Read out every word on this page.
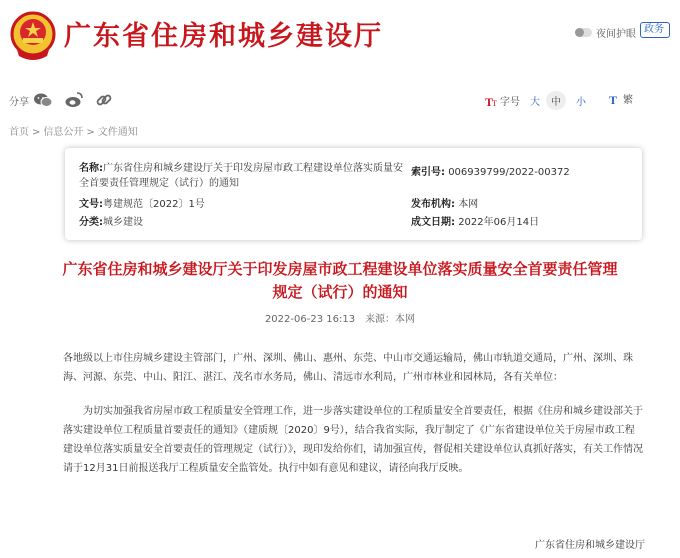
广东省住房和城乡建设厅	夜间护眼 政务
分享	T
T 字号 大	中	小 T 繁
首页 > 信息公开 > 文件通知
名称:广东省住房和城乡建设厅关于印发房屋市政工程建设单位落实质量安全首要责任管理规定（试行）的通知
文号:粤建规范〔2022〕1号
分类:城乡建设
索引号: 006939799/2022-00372
发布机构: 本网
成文日期: 2022年06月14日
广东省住房和城乡建设厅关于印发房屋市政工程建设单位落实质量安全首要责任管理规定（试行）的通知
2022-06-23 16:13 来源：本网

各地级以上市住房城乡建设主管部门，广州、深圳、佛山、惠州、东莞、中山市交通运输局，佛山市轨道交通局，广州、深圳、珠海、河源、东莞、中山、阳江、湛江、茂名市水务局，佛山、清远市水利局，广州市林业和园林局，各有关单位：

为切实加强我省房屋市政工程质量安全管理工作，进一步落实建设单位的工程质量安全首要责任，根据《住房和城乡建设部关于落实建设单位工程质量首要责任的通知》（建质规〔2020〕9号），结合我省实际，我厅制定了《广东省建设单位关于房屋市政工程建设单位落实质量安全首要责任的管理规定（试行）》，现印发给你们，请加强宣传，督促相关建设单位认真抓好落实，有关工作情况请于12月31日前报送我厅工程质量安全监管处。执行中如有意见和建议，请径向我厅反映。

广东省住房和城乡建设厅
